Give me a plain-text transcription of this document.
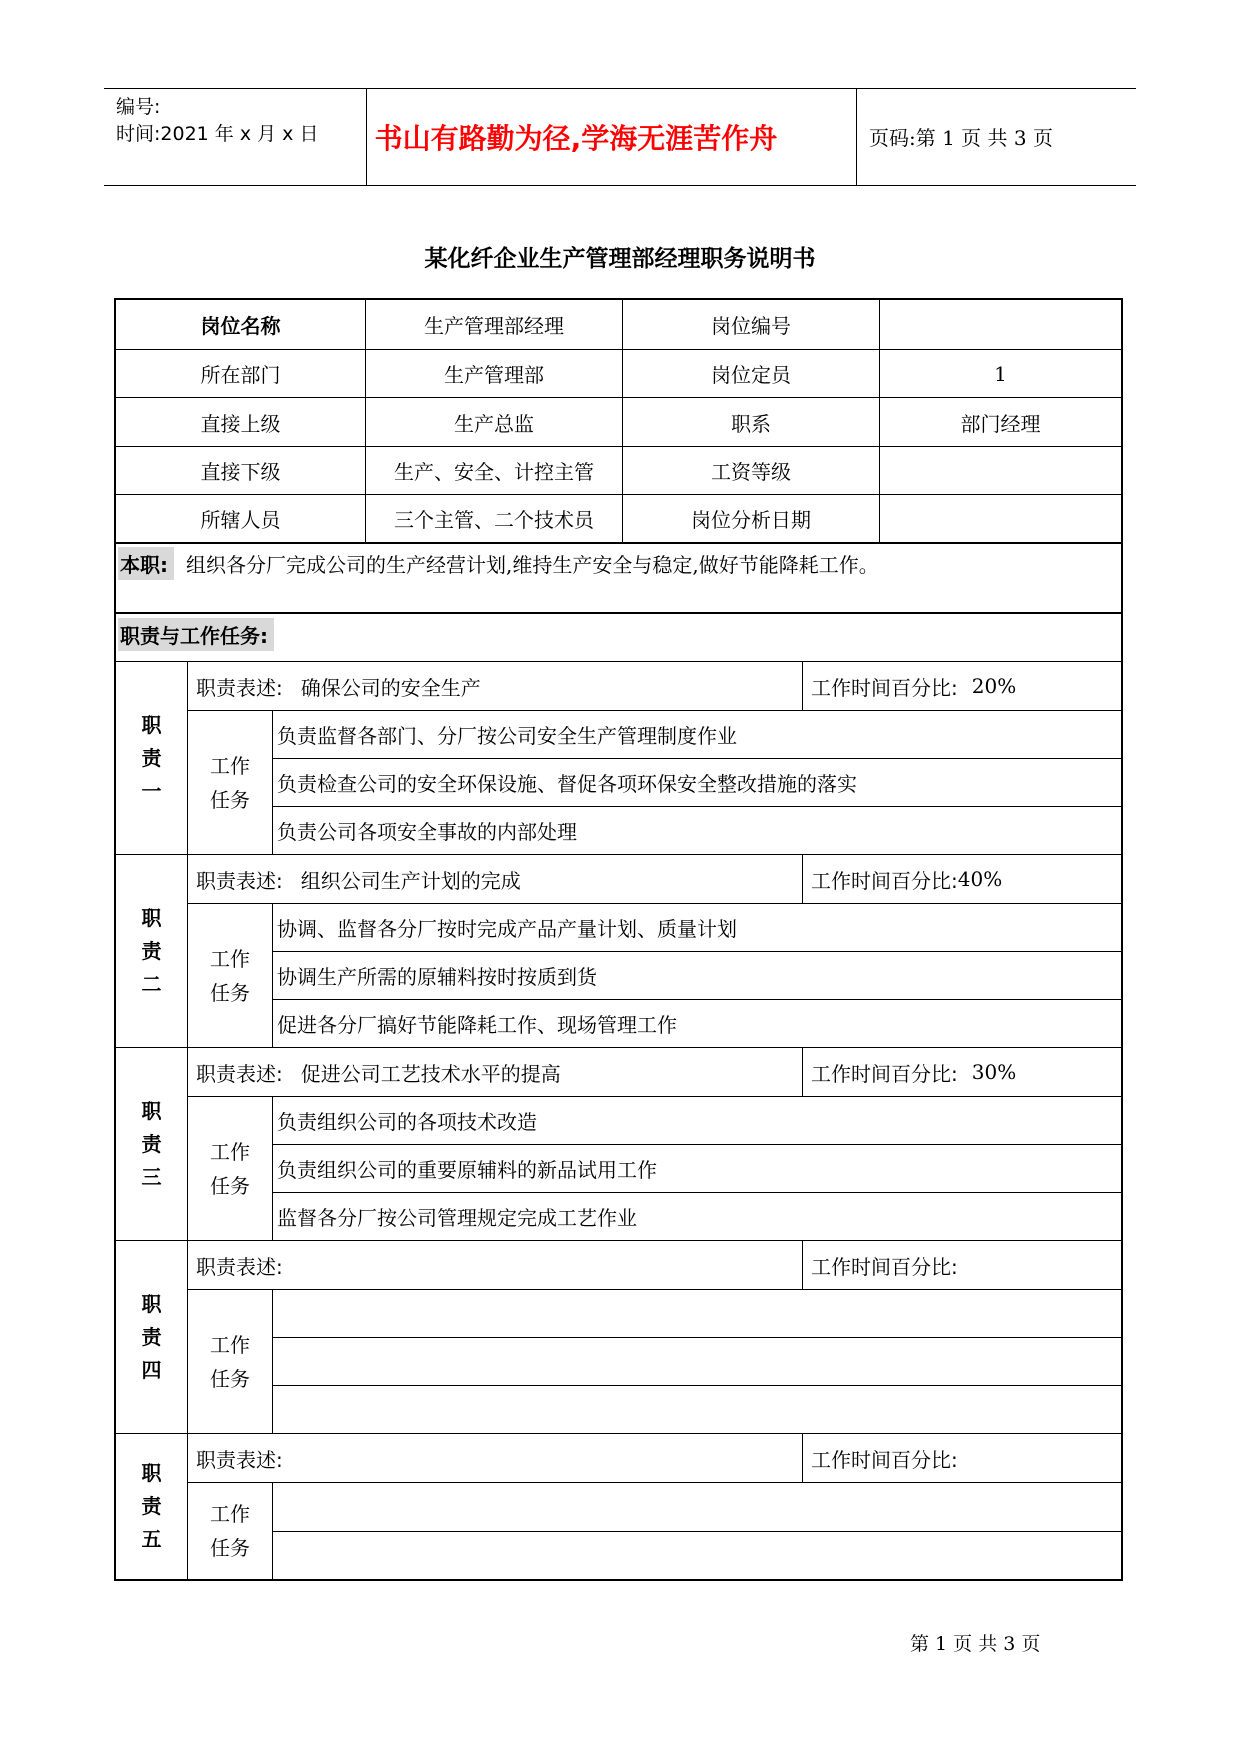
编号:
时间:2021 年 x 月 x 日	书山有路勤为径,学海无涯苦作舟	页码:第 1 页 共 3 页
某化纤企业生产管理部经理职务说明书
岗位名称	生产管理部经理	岗位编号
所在部门	生产管理部	岗位定员	1
直接上级	生产总监	职系	部门经理
直接下级	生产、安全、计控主管	工资等级
所辖人员	三个主管、二个技术员	岗位分析日期
本职: 组织各分厂完成公司的生产经营计划,维持生产安全与稳定,做好节能降耗工作。
职责与工作任务:
职
责
一
职责表述: 确保公司的安全生产	工作时间百分比: 20%
工作
任务
负责监督各部门、分厂按公司安全生产管理制度作业
负责检查公司的安全环保设施、督促各项环保安全整改措施的落实
负责公司各项安全事故的内部处理
职
责
二
职责表述: 组织公司生产计划的完成	工作时间百分比: 40%
工作
任务
协调、监督各分厂按时完成产品产量计划、质量计划
协调生产所需的原辅料按时按质到货
促进各分厂搞好节能降耗工作、现场管理工作
职
责
三
职责表述: 促进公司工艺技术水平的提高	工作时间百分比: 30%
工作
任务
负责组织公司的各项技术改造
负责组织公司的重要原辅料的新品试用工作
监督各分厂按公司管理规定完成工艺作业
职
责
四
职责表述:	工作时间百分比:
工作
任务
职
责
五
职责表述:	工作时间百分比:
工作
任务
第 1 页 共 3 页
